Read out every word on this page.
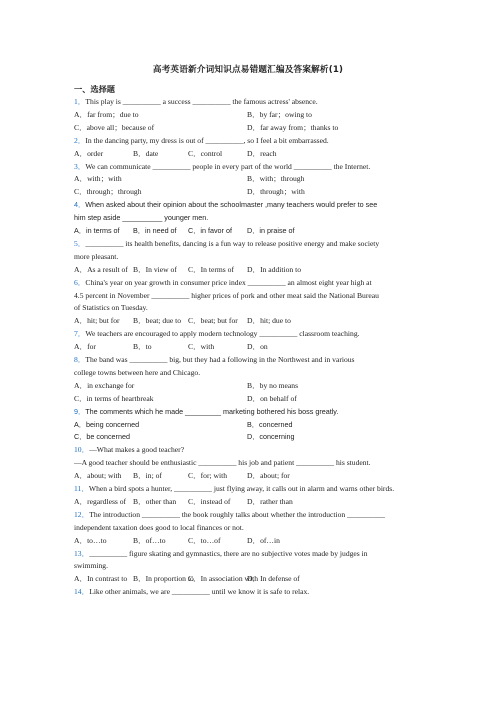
高考英语新介词知识点易错题汇编及答案解析(1)
一、选择题
1．This play is __________ a success __________ the famous actress' absence.
A．far from；due to	B．by far；owing to
C．above all；because of	D．far away from；thanks to
2．In the dancing party, my dress is out of __________, so I feel a bit embarrassed.
A．order	B．date	C．control	D．reach
3．We can communicate __________ people in every part of the world __________ the Internet.
A．with；with	B．with；through
C．through；through	D．through；with
4．When asked about their opinion about the schoolmaster ,many teachers would prefer to see
him step aside __________ younger men.
A．in terms of B．in need of C．in favor of D．in praise of
5．__________ its health benefits, dancing is a fun way to release positive energy and make society
more pleasant.
A．As a result of B．In view of C．In terms of D．In addition to
6．China's year on year growth in consumer price index __________ an almost eight year high at
4.5 percent in November __________ higher prices of pork and other meat said the National Bureau
of Statistics on Tuesday.
A．hit; but for B．beat; due to C．beat; but for D．hit; due to
7．We teachers are encouraged to apply modern technology __________ classroom teaching.
A．for	B．to	C．with	D．on
8．The band was __________ big, but they had a following in the Northwest and in various
college towns between here and Chicago.
A．in exchange for	B．by no means
C．in terms of heartbreak	D．on behalf of
9．The comments which he made _________ marketing bothered his boss greatly.
A．being concerned	B．concerned
C．be concerned	D．concerning
10．—What makes a good teacher?
—A good teacher should be enthusiastic __________ his job and patient __________ his student.
A．about; with B．in; of	C．for; with	D．about; for
11．When a bird spots a hunter, __________ just flying away, it calls out in alarm and warns other birds.
A．regardless of B．other than C．instead of D．rather than
12．The introduction __________ the book roughly talks about whether the introduction __________
independent taxation does good to local finances or not.
A．to…to	B．of…to	C．to…of	D．of…in
13．__________ figure skating and gymnastics, there are no subjective votes made by judges in
swimming.
A．In contrast to B．In proportion to
C．In association with
D．In defense of
14．Like other animals, we are __________ until we know it is safe to relax.
